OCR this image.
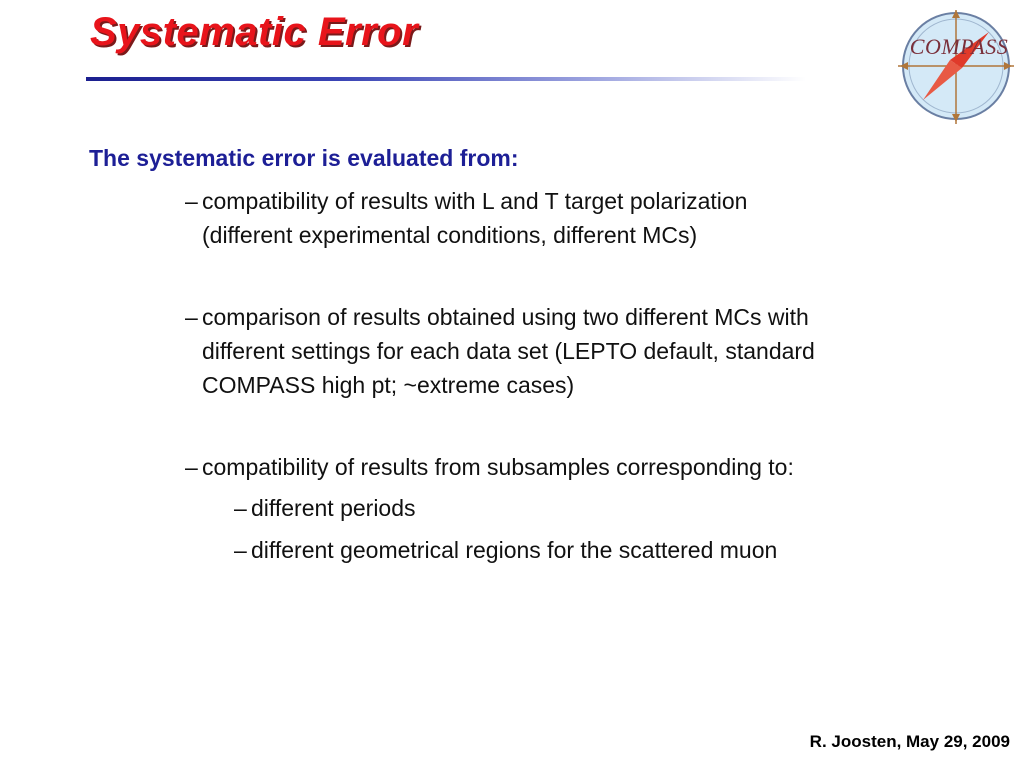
Systematic Error	COMPASS
The systematic error is evaluated from:
– compatibility of results with L and T target polarization
(different experimental conditions, different MCs)
– comparison of results obtained using two different MCs with
different settings for each data set (LEPTO default, standard
COMPASS high pt; ~extreme cases)
– compatibility of results from subsamples corresponding to:
– different periods
– different geometrical regions for the scattered muon
R. Joosten, May 29, 2009
